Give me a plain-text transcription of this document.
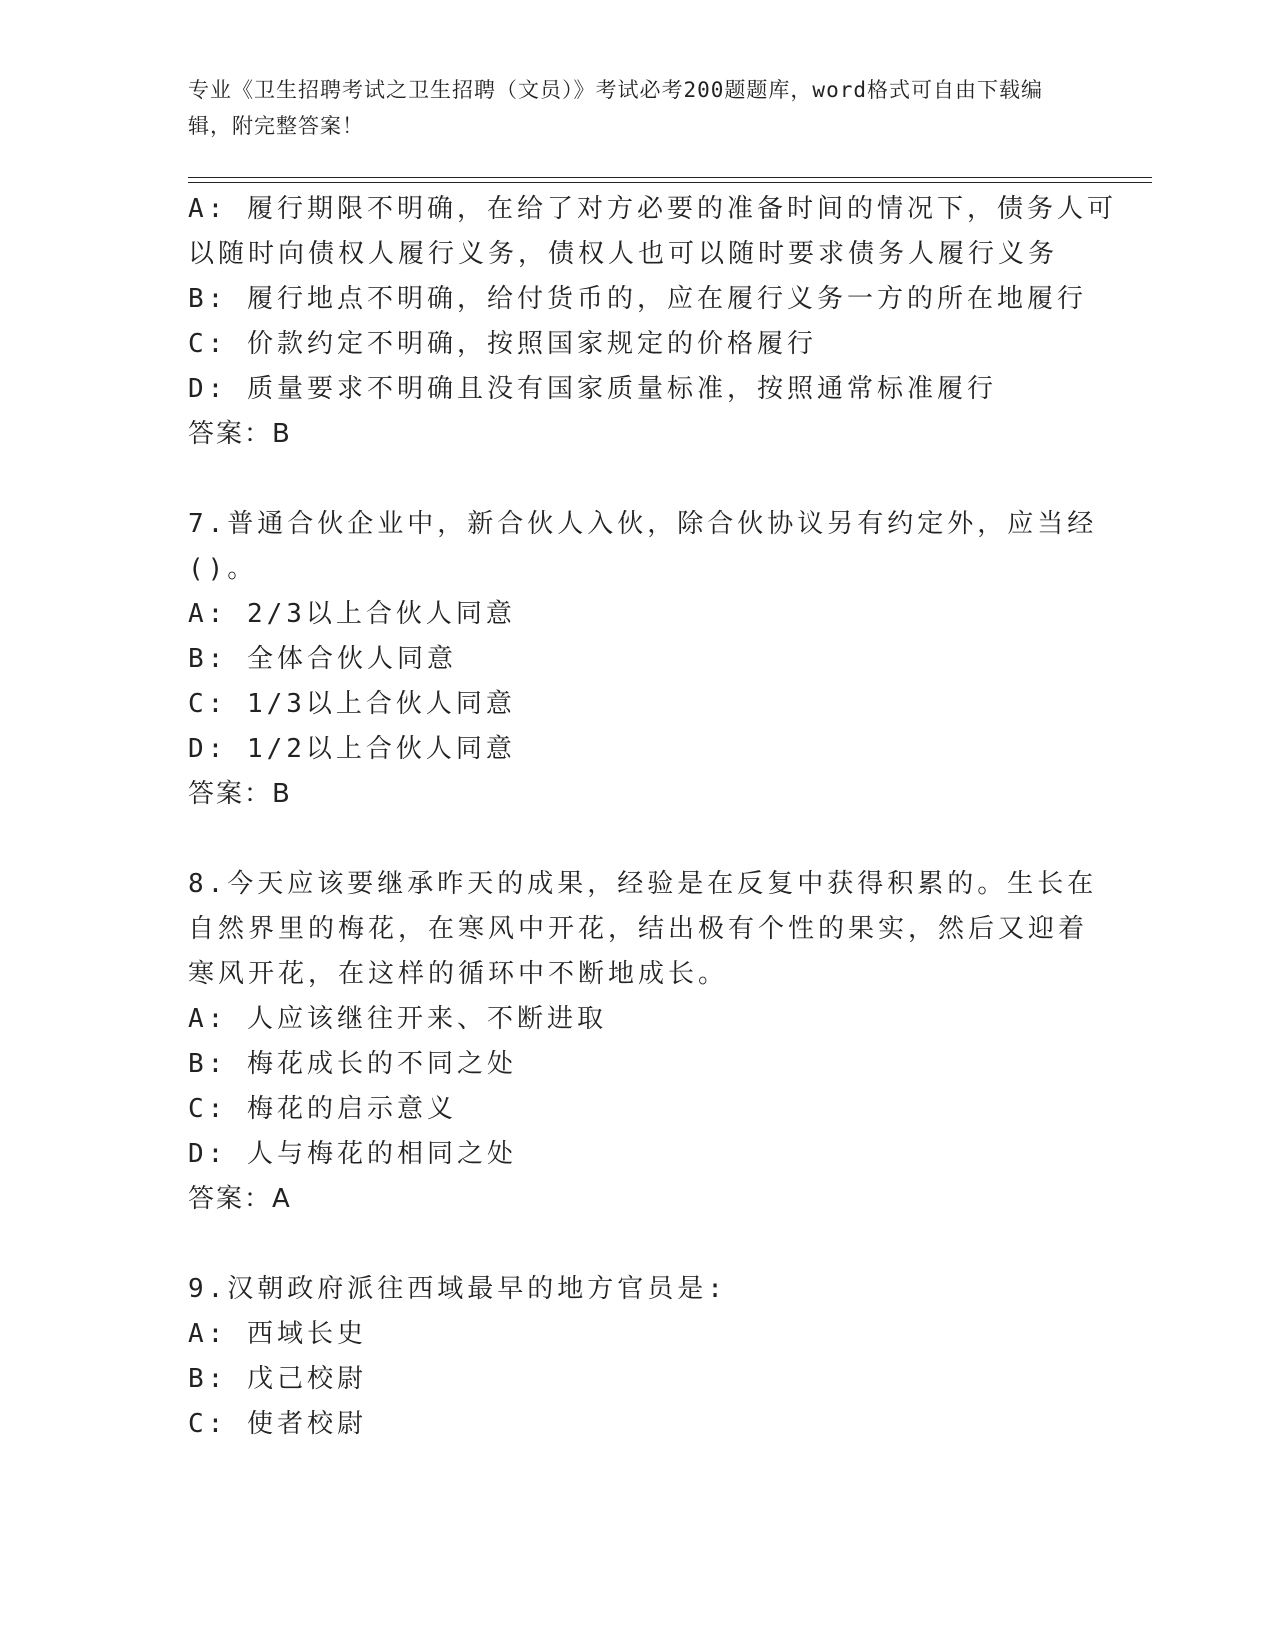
专业《卫生招聘考试之卫生招聘（文员）》考试必考200题题库，word格式可自由下载编辑，附完整答案！
A: 履行期限不明确，在给了对方必要的准备时间的情况下，债务人可
以随时向债权人履行义务，债权人也可以随时要求债务人履行义务
B: 履行地点不明确，给付货币的，应在履行义务一方的所在地履行
C: 价款约定不明确，按照国家规定的价格履行
D: 质量要求不明确且没有国家质量标准，按照通常标准履行
答案：B
7.普通合伙企业中，新合伙人入伙，除合伙协议另有约定外，应当经
()。
A: 2/3以上合伙人同意
B: 全体合伙人同意
C: 1/3以上合伙人同意
D: 1/2以上合伙人同意
答案：B
8.今天应该要继承昨天的成果，经验是在反复中获得积累的。生长在
自然界里的梅花，在寒风中开花，结出极有个性的果实，然后又迎着
寒风开花，在这样的循环中不断地成长。
A: 人应该继往开来、不断进取
B: 梅花成长的不同之处
C: 梅花的启示意义
D: 人与梅花的相同之处
答案：A
9.汉朝政府派往西域最早的地方官员是:
A: 西域长史
B: 戊己校尉
C: 使者校尉
